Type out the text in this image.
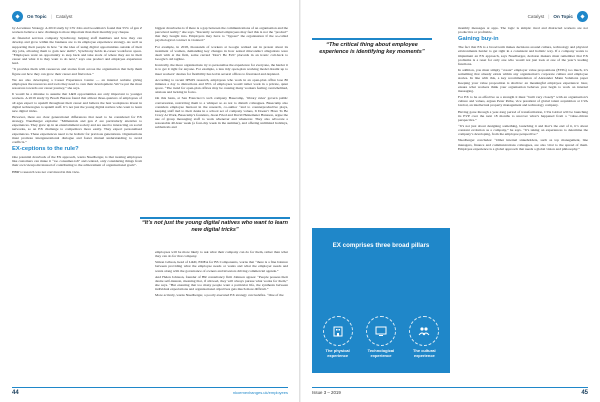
On Topic | Catalyst

by Accenture Strategy. A 2019 study by CW Jobs and Goodman’s found that 55% of gen Z workers believe a new challenge is more important than their monthly pay cheque.

At financial services company Synchrony, helping staff members and how they can develop and grow within the business are to its employee experience strategy. As well as supporting their people in how “at the idea of using digital opportunities outside of their day jobs, allowing them to gain new skills”, Synchrony holds in-career workforce space. “Employees want an opportunity to step back and take stock of where they are in their career and what it is they want to do next,” says one product and employee experience lead.

“It provides them with resources and stories from across the organisation that help them figure out how they can grow their career and find roles.”

We are also developing a Career Experience Centre — an internal website giving employees the resources and tools they need to own their development. We’ve put the most resources towards our career journey,” she says.

It would be a mistake to assume that L&D opportunities are only important to younger workers. A 2019 study by Bosch Bureau found that almost three-quarters of employees of all ages expect to upskill throughout their career and believe the best workplaces invest in digital technologies to upskill staff. It’s not just the young digital natives who want to learn new digital tricks.

However, there are clear generational differences that need to be considered for EX strategy. Nuedberger explains: “Millennials and gen Z are particularly attentive to experiences. They grew up in an entertainment society and are used to interacting on social networks, so an EX challenge to competitors more easily. They expect personalised experiences. These experiences need to be holistic for previous generations. Organisations must promote intergenerational dialogue and foster mutual understanding to avoid conflicts.”

EX-ceptions to the rule?

One potential drawback of the EX approach, warns Nuedberger, is that treating employees like customers can make it “too consumer-ish” and centred, only considering things from their own viewpoint instead of contributing to the achievement of organisational goals”.

HBR’s research was not convinced in this view.

biggest drawbacks is if there is a gap between the communications of an organisation and the perceived reality,” she says. “Recently recruited employees may feel this is not the “product” that they bought into. Employers may have to “bypass” the organisation if the so-called psychological contract is violated.”

For example, in 2018, thousands of workers at Google walked out in protest about its treatment of women, demanding key changes in how sexual misconduct allegations were dealt with at the firm, some carried ‘Don’t Be Evil’ placards in an ironic call-back to Google’s old tagline.

Ironically, the more organisations try to personalise the experience for everyone, the harder it is to get it right for anyone. For example, a less tidy open-plan working model dreamt up to meet workers’ desires for flexibility has led in several offices to frustrated and depleted.

According to recent IPSOS research, employees who work in an open-plan office lose 86 minutes a day to distractions and 95% of employees would rather work in a private, quiet space. “The trend for open-plan offices may be causing many workers feeling overwhelmed, anxious and lacking in focus.

On this basis, at San Francisco’s tech company Basecamp, ‘library rules’ govern public conversation, restricting them to a whisper so as not to disturb colleagues. Basecamp also considers employee burnout in the research, co-author “and to counterproductive plays, keeping staff tied to their desks in a school set of company values, It Doesn’t Have To Be Crazy At Work, Basecamp’s founders, Jason Fried and David Heinemeier Hansson, argue the use of group messaging staff to work whenever and whenever. They also advocate a reasonable 40-hour week (a four-day week in the summer), and offering unlimited holidays, sabbaticals and

“It’s not just the young digital natives who want to learn new digital tricks”

employees will be more likely to ask what their company can do for them, rather than what they can do for that company.

Simon Gibson, head of L&D, EMEA for BS Components, warns that “there is a fine balance between providing what the employee needs or wants and what the employer needs and wants along with the governance of owners and investors driving commercial agenda.”

And Helen Johnson, founder of HR consultancy firm Johnson agrees: “People possess their desire self-interest, meaning that, if allowed, they will always pursue what works for them,” she says. “But ensuring that too many people want a particular life, the synthesis between individual expectations and organisational objectives gets much more difficult.”

More actively, warns Nuedberger, a poorly executed EX strategy can backfire. “One of the

44	nkoemexhanges.uk/employees
Catalyst | On Topic
“The critical thing about employee experience is identifying key moments”
EX comprises three broad pillars
The physical experience
Technological experience
The cultural experience

monthly messages at apps. The logic is simple: tired and distracted workers are not productive or profitable.

Gaining buy-in

The fact that EX is a broad term makes decisions around culture, technology and physical environments harder to get right in a consistent and holistic way. If a company wants to implement an EX approach, says Nuedberger, decision makers must remember that EX problems is a reset for only one who would not just look at one of the year’s leading functions.

In addition, you must simply “create” employer value propositions (EVPs) too much, it’s something that already exists within any organisation’s corporate culture and employee stories. In line with this, a key recommendation of Alexander Mann Solutions paper Keeping your value proposition is shallow: an meaningful employee experience: later, ensure what workers think your organisation behaves year begin to work on internal messaging.

For EX to be as effective as a strength it must “built very closely” with an organisation’s culture and values, argues Peter Pathe, vice president of global talent acquisition at CVA Global, an intellectual property management and technology company.

Having gone through a year-long period of transformation, CVA Global will be launching its EVP over the next 18 months to uncover what’s happened from a “value-driven perspective.”

“It’s not just about designing something, launching it and that’s the end of it, it’s about constant evolution as a company,” he says. “It’s taking on experiences to determine the company’s developing, from the employee perspective.”

Nuedberger concludes: “Other internal stakeholders, such as top management, line managers, finance and communications colleagues, are also vital to the spread of them. Employee experience is a global approach that needs a global vision and philosophy.”

Issue 3 – 2019	45
